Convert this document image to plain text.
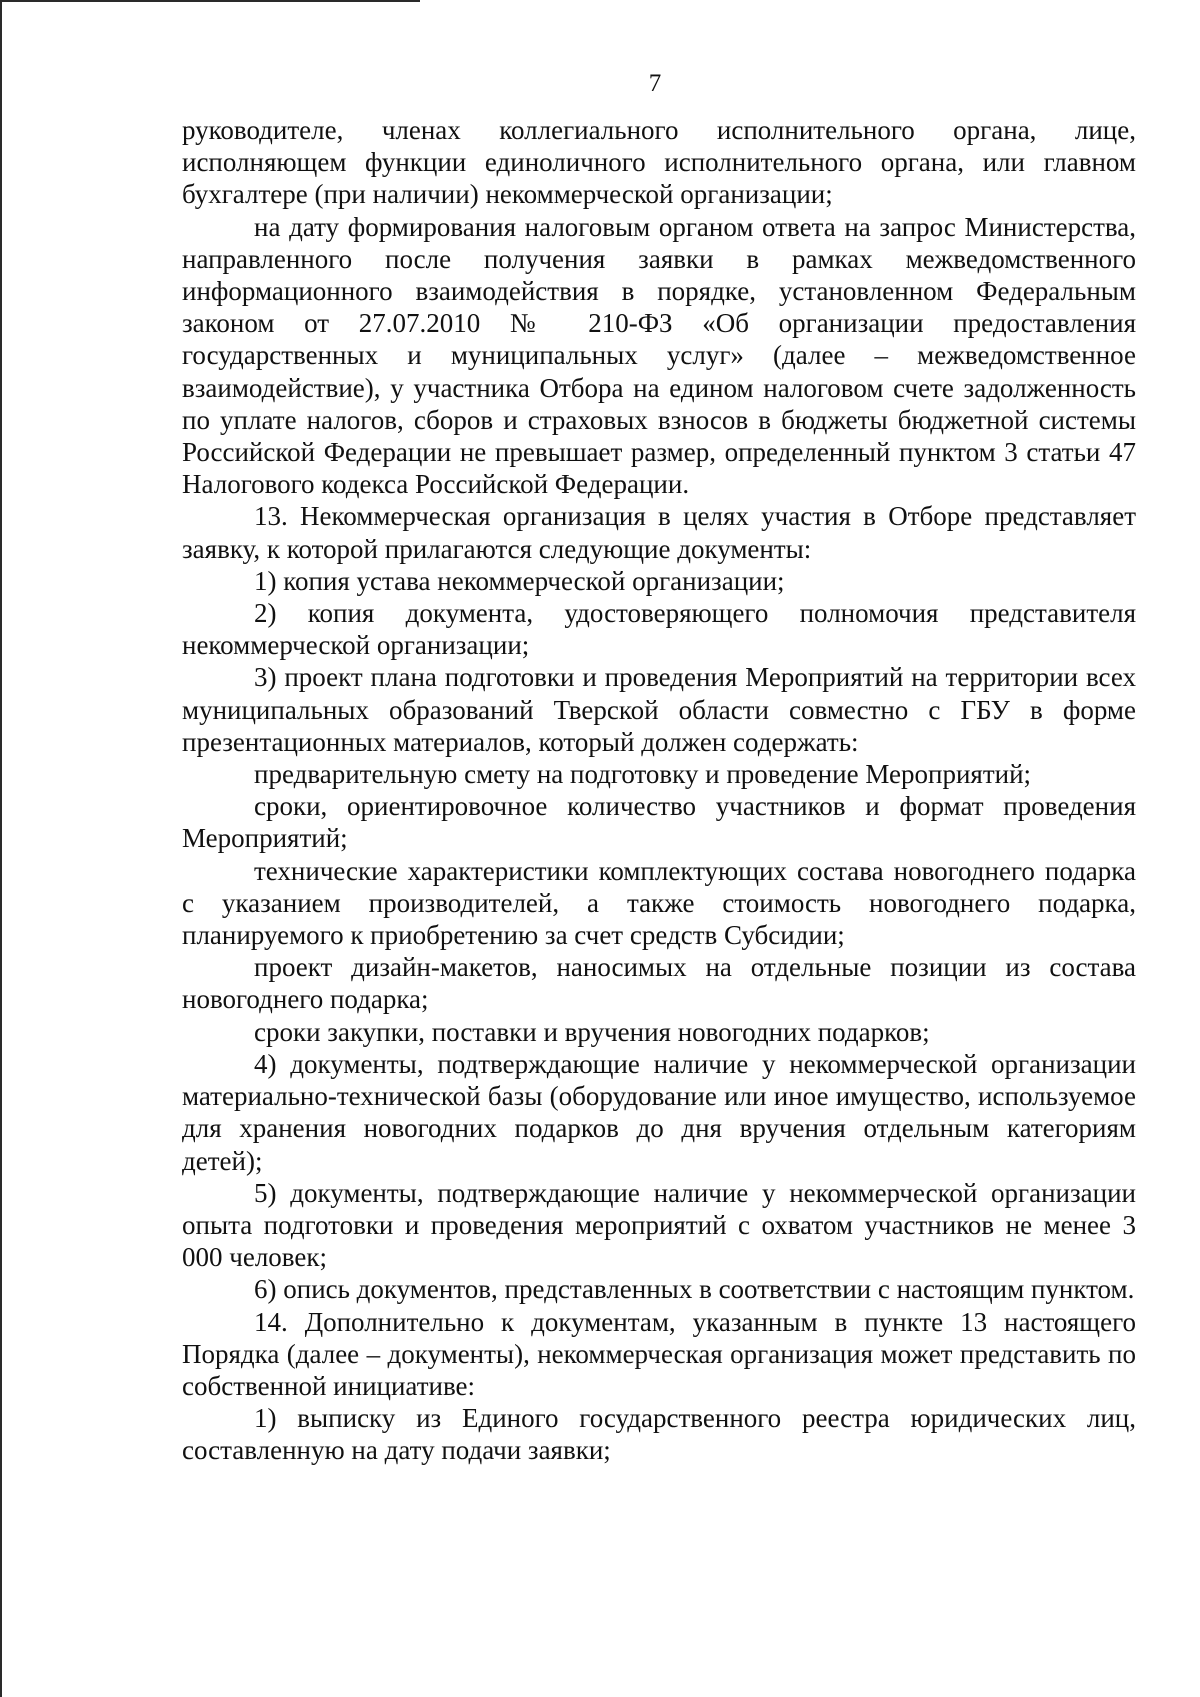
7

руководителе, членах коллегиального исполнительного органа, лице, исполняющем функции единоличного исполнительного органа, или главном бухгалтере (при наличии) некоммерческой организации;

на дату формирования налоговым органом ответа на запрос Министерства, направленного после получения заявки в рамках межведомственного информационного взаимодействия в порядке, установленном Федеральным законом от 27.07.2010 № 210-ФЗ «Об организации предоставления государственных и муниципальных услуг» (далее – межведомственное взаимодействие), у участника Отбора на едином налоговом счете задолженность по уплате налогов, сборов и страховых взносов в бюджеты бюджетной системы Российской Федерации не превышает размер, определенный пунктом 3 статьи 47 Налогового кодекса Российской Федерации.

13. Некоммерческая организация в целях участия в Отборе представляет заявку, к которой прилагаются следующие документы:

1) копия устава некоммерческой организации;

2) копия документа, удостоверяющего полномочия представителя некоммерческой организации;

3) проект плана подготовки и проведения Мероприятий на территории всех муниципальных образований Тверской области совместно с ГБУ в форме презентационных материалов, который должен содержать:

предварительную смету на подготовку и проведение Мероприятий;

сроки, ориентировочное количество участников и формат проведения Мероприятий;

технические характеристики комплектующих состава новогоднего подарка с указанием производителей, а также стоимость новогоднего подарка, планируемого к приобретению за счет средств Субсидии;

проект дизайн-макетов, наносимых на отдельные позиции из состава новогоднего подарка;

сроки закупки, поставки и вручения новогодних подарков;

4) документы, подтверждающие наличие у некоммерческой организации материально-технической базы (оборудование или иное имущество, используемое для хранения новогодних подарков до дня вручения отдельным категориям детей);

5) документы, подтверждающие наличие у некоммерческой организации опыта подготовки и проведения мероприятий с охватом участников не менее 3 000 человек;

6) опись документов, представленных в соответствии с настоящим пунктом.

14. Дополнительно к документам, указанным в пункте 13 настоящего Порядка (далее – документы), некоммерческая организация может представить по собственной инициативе:

1) выписку из Единого государственного реестра юридических лиц, составленную на дату подачи заявки;
